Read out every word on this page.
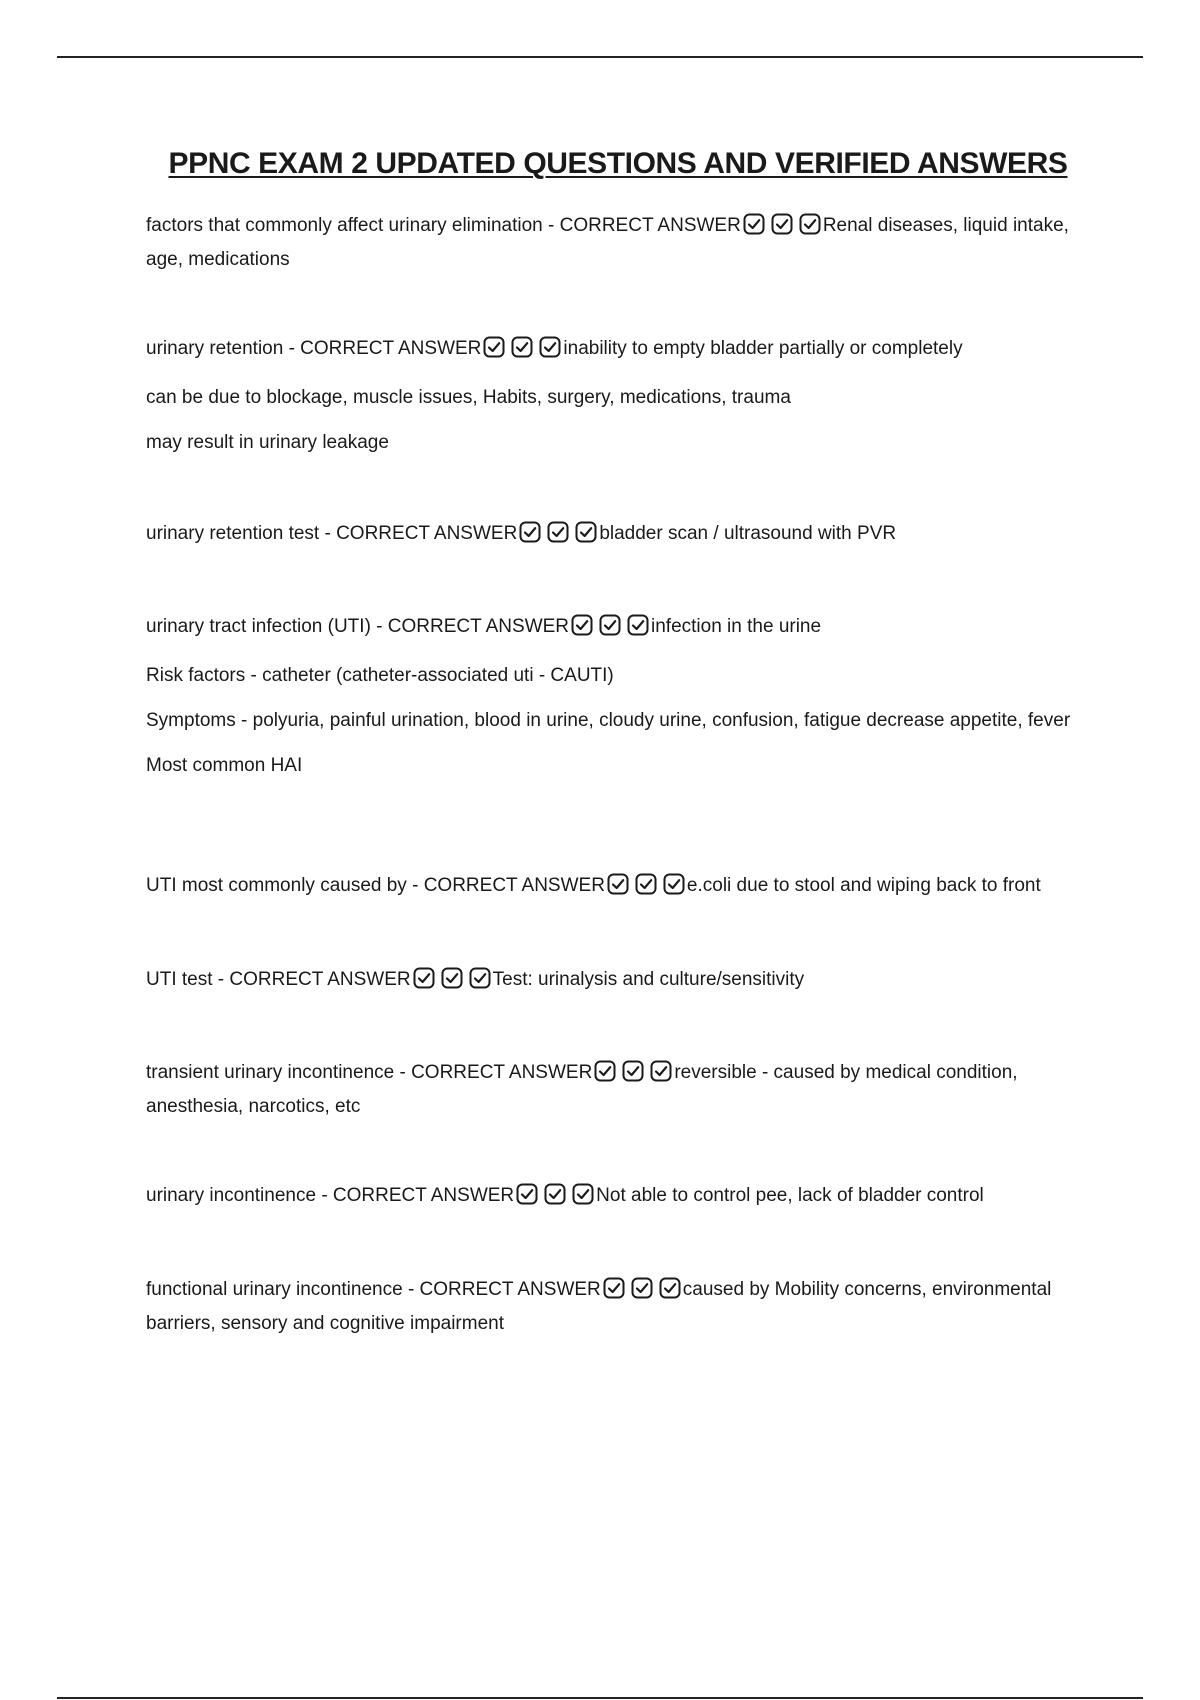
PPNC EXAM 2 UPDATED QUESTIONS AND VERIFIED ANSWERS
factors that commonly affect urinary elimination - CORRECT ANSWER	Renal diseases, liquid intake, age, medications
urinary retention - CORRECT ANSWER	inability to empty bladder partially or completely
can be due to blockage, muscle issues, Habits, surgery, medications, trauma
may result in urinary leakage
urinary retention test - CORRECT ANSWER	bladder scan / ultrasound with PVR
urinary tract infection (UTI) - CORRECT ANSWER	infection in the urine
Risk factors - catheter (catheter-associated uti - CAUTI)
Symptoms - polyuria, painful urination, blood in urine, cloudy urine, confusion, fatigue decrease appetite, fever
Most common HAI
UTI most commonly caused by - CORRECT ANSWER	e.coli due to stool and wiping back to front
UTI test - CORRECT ANSWER	Test: urinalysis and culture/sensitivity
transient urinary incontinence - CORRECT ANSWER	reversible - caused by medical condition, anesthesia, narcotics, etc
urinary incontinence - CORRECT ANSWER	Not able to control pee, lack of bladder control
functional urinary incontinence - CORRECT ANSWER	caused by Mobility concerns, environmental barriers, sensory and cognitive impairment
